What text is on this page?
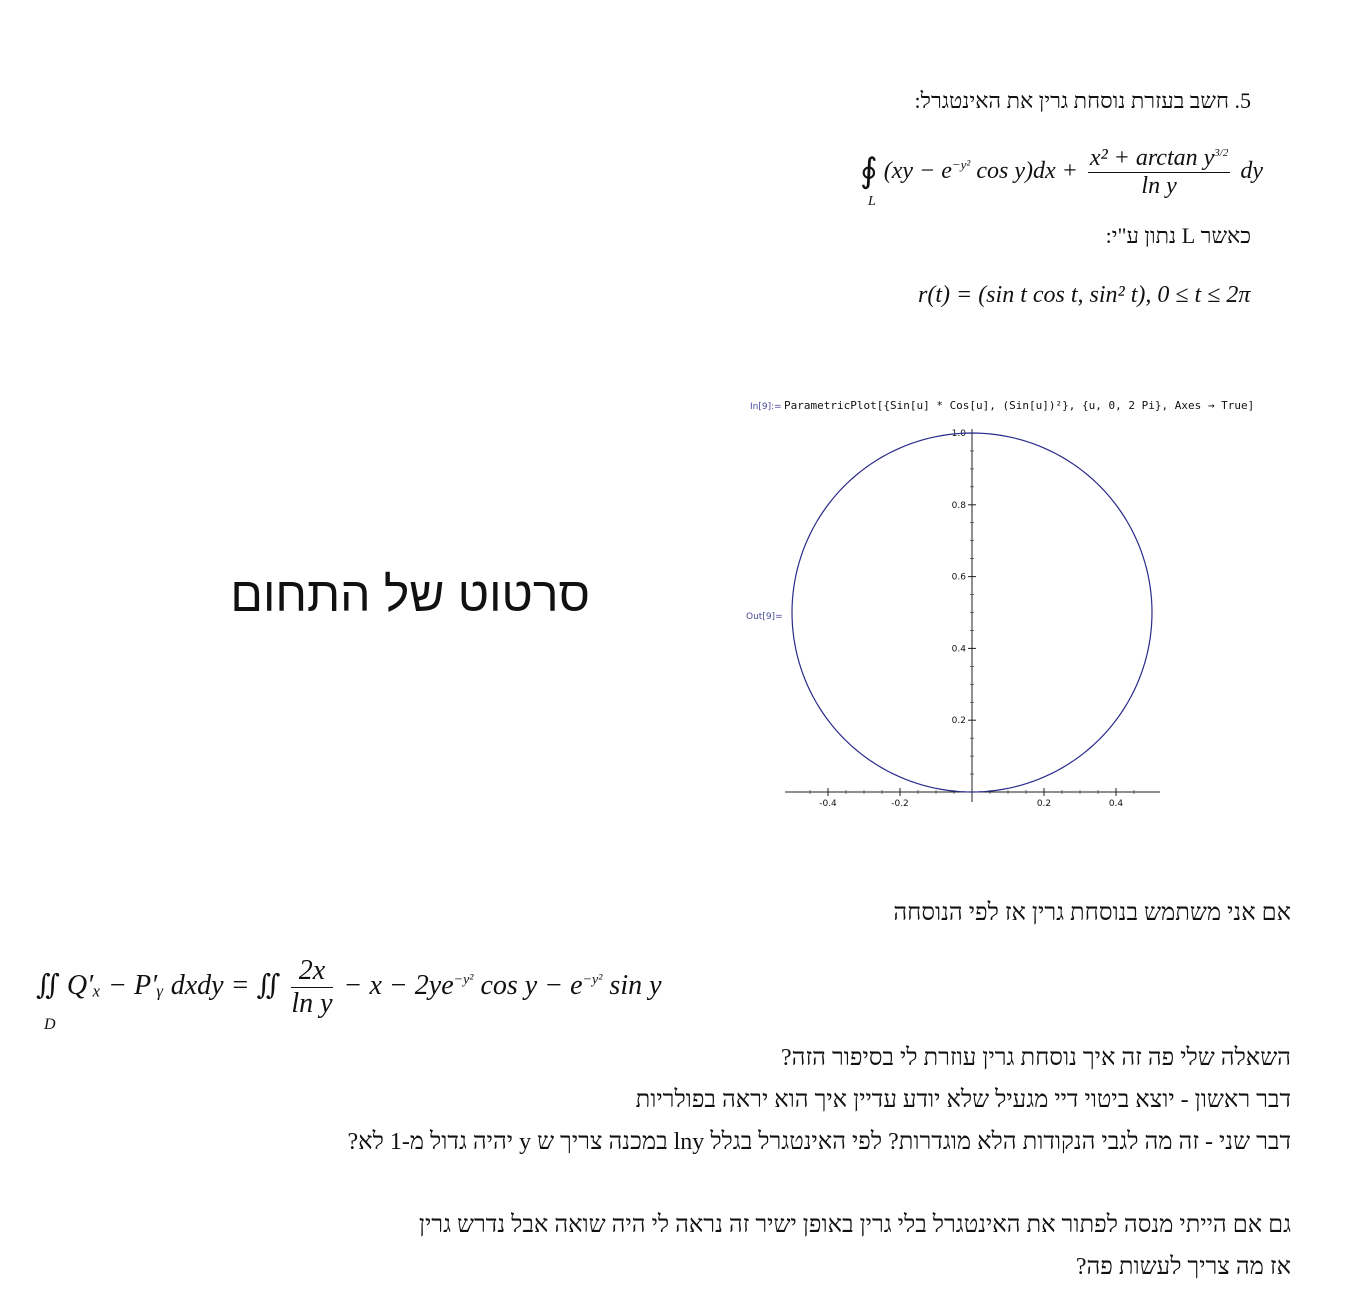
5. חשב בעזרת נוסחת גרין את האינטגרל:
∮ ($xy - e^{-y^2}$ $\cos y)dx + \frac{x^2 + \arctan y^{3/2}}{\text{ln y}}$ dy
L
כאשר L נתון ע"י:
r(t) = (sin t cos t, sin² t), 0 ≤ t ≤ 2π
סרטוט של התחום
In[9]:= ParametricPlot[{Sin[u] * Cos[u], (Sin[u])²}, {u, 0, 2 Pi}, Axes → True]
Out[9]=
-0.4	-0.2	0.2	0.4
0.2
0.4
0.6
0.8
1.0
אם אני משתמש בנוסחת גרין אז לפי הנוסחה
∬ Q′ₓ − P′ᵧ dxdy = ∬ $\frac{2x}{\text{ln y}} - x - 2ye^{-y^2}$ $\cos y - e^{-y^2}$ sin y
D
השאלה שלי פה זה איך נוסחת גרין עוזרת לי בסיפור הזה?
דבר ראשון - יוצא ביטוי דיי מגעיל שלא יודע עדיין איך הוא יראה בפולריות
דבר שני - זה מה לגבי הנקודות הלא מוגדרות? לפי האינטגרל בגלל lny במכנה צריך ש y יהיה גדול מ-1 לא?
גם אם הייתי מנסה לפתור את האינטגרל בלי גרין באופן ישיר זה נראה לי היה שואה אבל נדרש גרין
אז מה צריך לעשות פה?
